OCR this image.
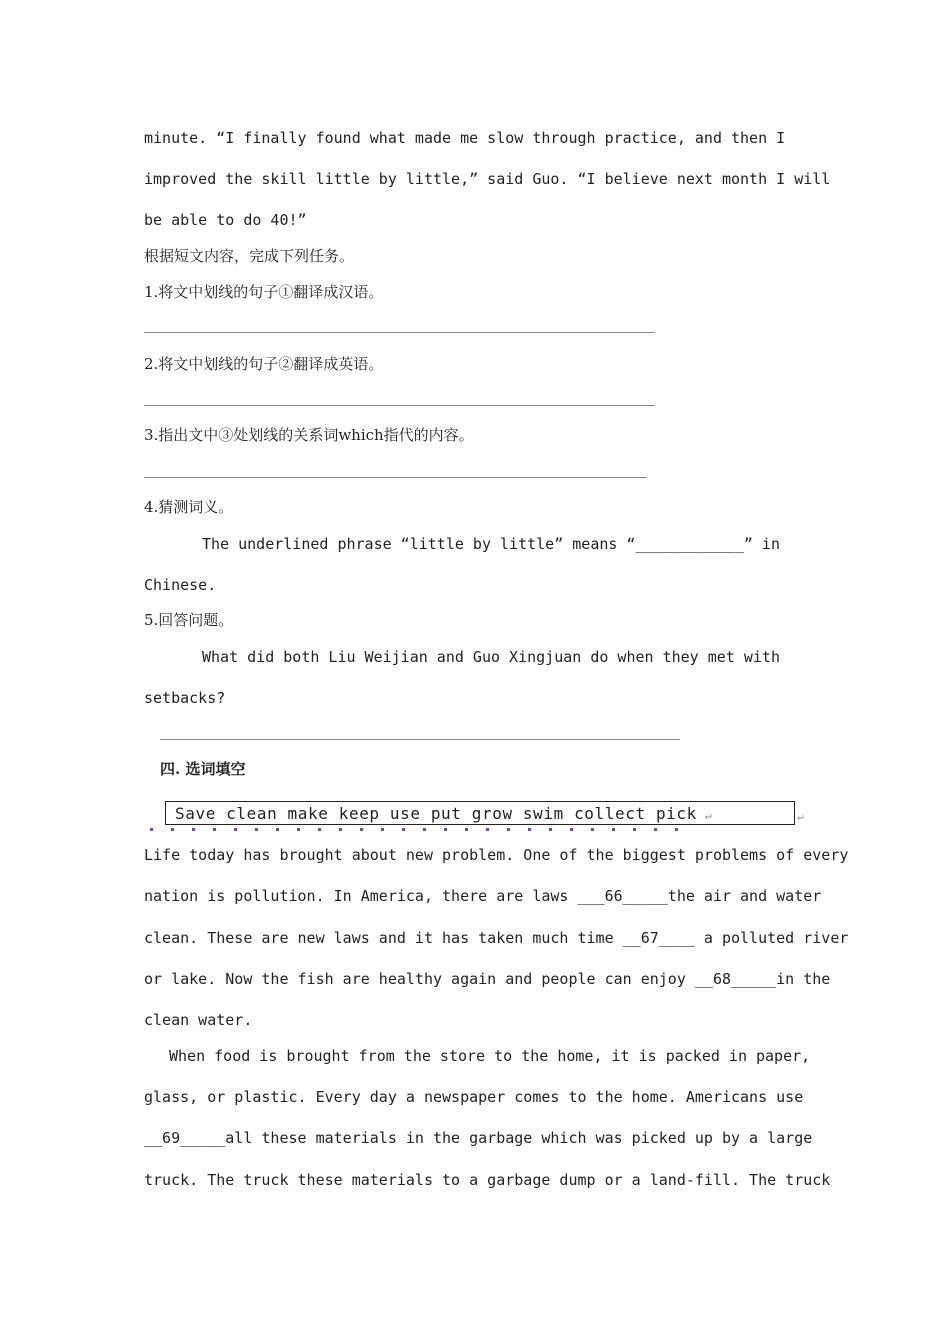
minute. “I finally found what made me slow through practice, and then I
improved the skill little by little,” said Guo. “I believe next month I will
be able to do 40!”
根据短文内容，完成下列任务。
1.将文中划线的句子①翻译成汉语。
2.将文中划线的句子②翻译成英语。
3.指出文中③处划线的关系词which指代的内容。
4.猜测词义。
The underlined phrase “little by little” means “____________” in
Chinese.
5.回答问题。
What did both Liu Weijian and Guo Xingjuan do when they met with
setbacks?
四. 选词填空
Save clean make keep use put grow swim collect pick ↵	↵
Life today has brought about new problem. One of the biggest problems of every
nation is pollution. In America, there are laws ___66_____the air and water
clean. These are new laws and it has taken much time __67____ a polluted river
or lake. Now the fish are healthy again and people can enjoy __68_____in the
clean water.
When food is brought from the store to the home, it is packed in paper,
glass, or plastic. Every day a newspaper comes to the home. Americans use
__69_____all these materials in the garbage which was picked up by a large
truck. The truck these materials to a garbage dump or a land-fill. The truck
